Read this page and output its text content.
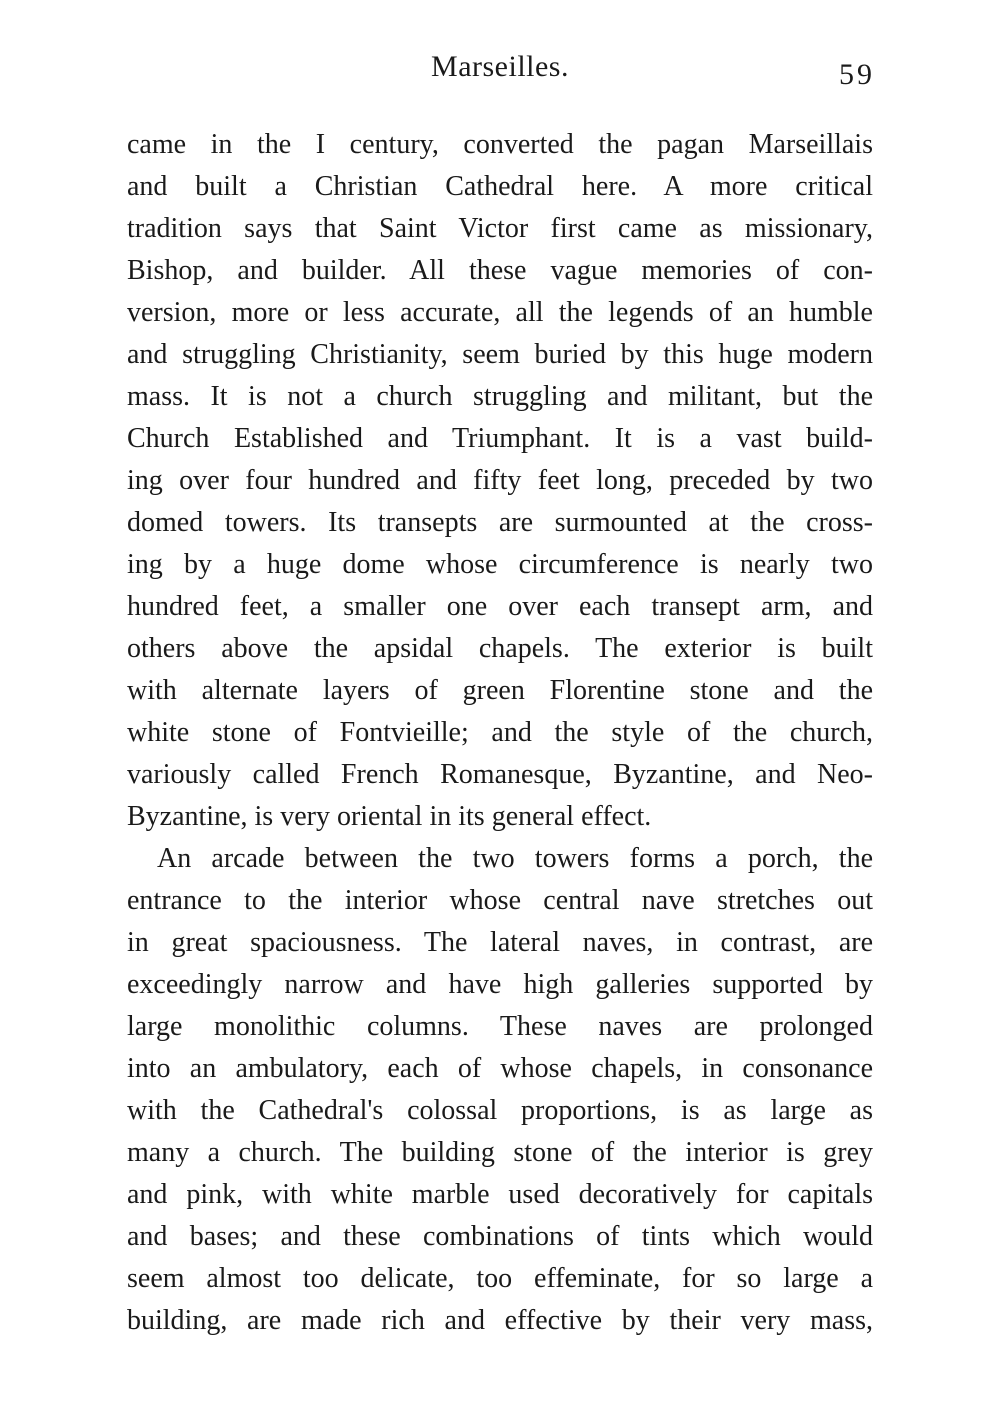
Marseilles.	59
came in the I century, converted the pagan Marseillais
and built a Christian Cathedral here. A more critical
tradition says that Saint Victor first came as missionary,
Bishop, and builder. All these vague memories of con-
version, more or less accurate, all the legends of an humble
and struggling Christianity, seem buried by this huge modern
mass. It is not a church struggling and militant, but the
Church Established and Triumphant. It is a vast build-
ing over four hundred and fifty feet long, preceded by two
domed towers. Its transepts are surmounted at the cross-
ing by a huge dome whose circumference is nearly two
hundred feet, a smaller one over each transept arm, and
others above the apsidal chapels. The exterior is built
with alternate layers of green Florentine stone and the
white stone of Fontvieille; and the style of the church,
variously called French Romanesque, Byzantine, and Neo-
Byzantine, is very oriental in its general effect.
An arcade between the two towers forms a porch, the
entrance to the interior whose central nave stretches out
in great spaciousness. The lateral naves, in contrast, are
exceedingly narrow and have high galleries supported by
large monolithic columns. These naves are prolonged
into an ambulatory, each of whose chapels, in consonance
with the Cathedral's colossal proportions, is as large as
many a church. The building stone of the interior is grey
and pink, with white marble used decoratively for capitals
and bases; and these combinations of tints which would
seem almost too delicate, too effeminate, for so large a
building, are made rich and effective by their very mass,
